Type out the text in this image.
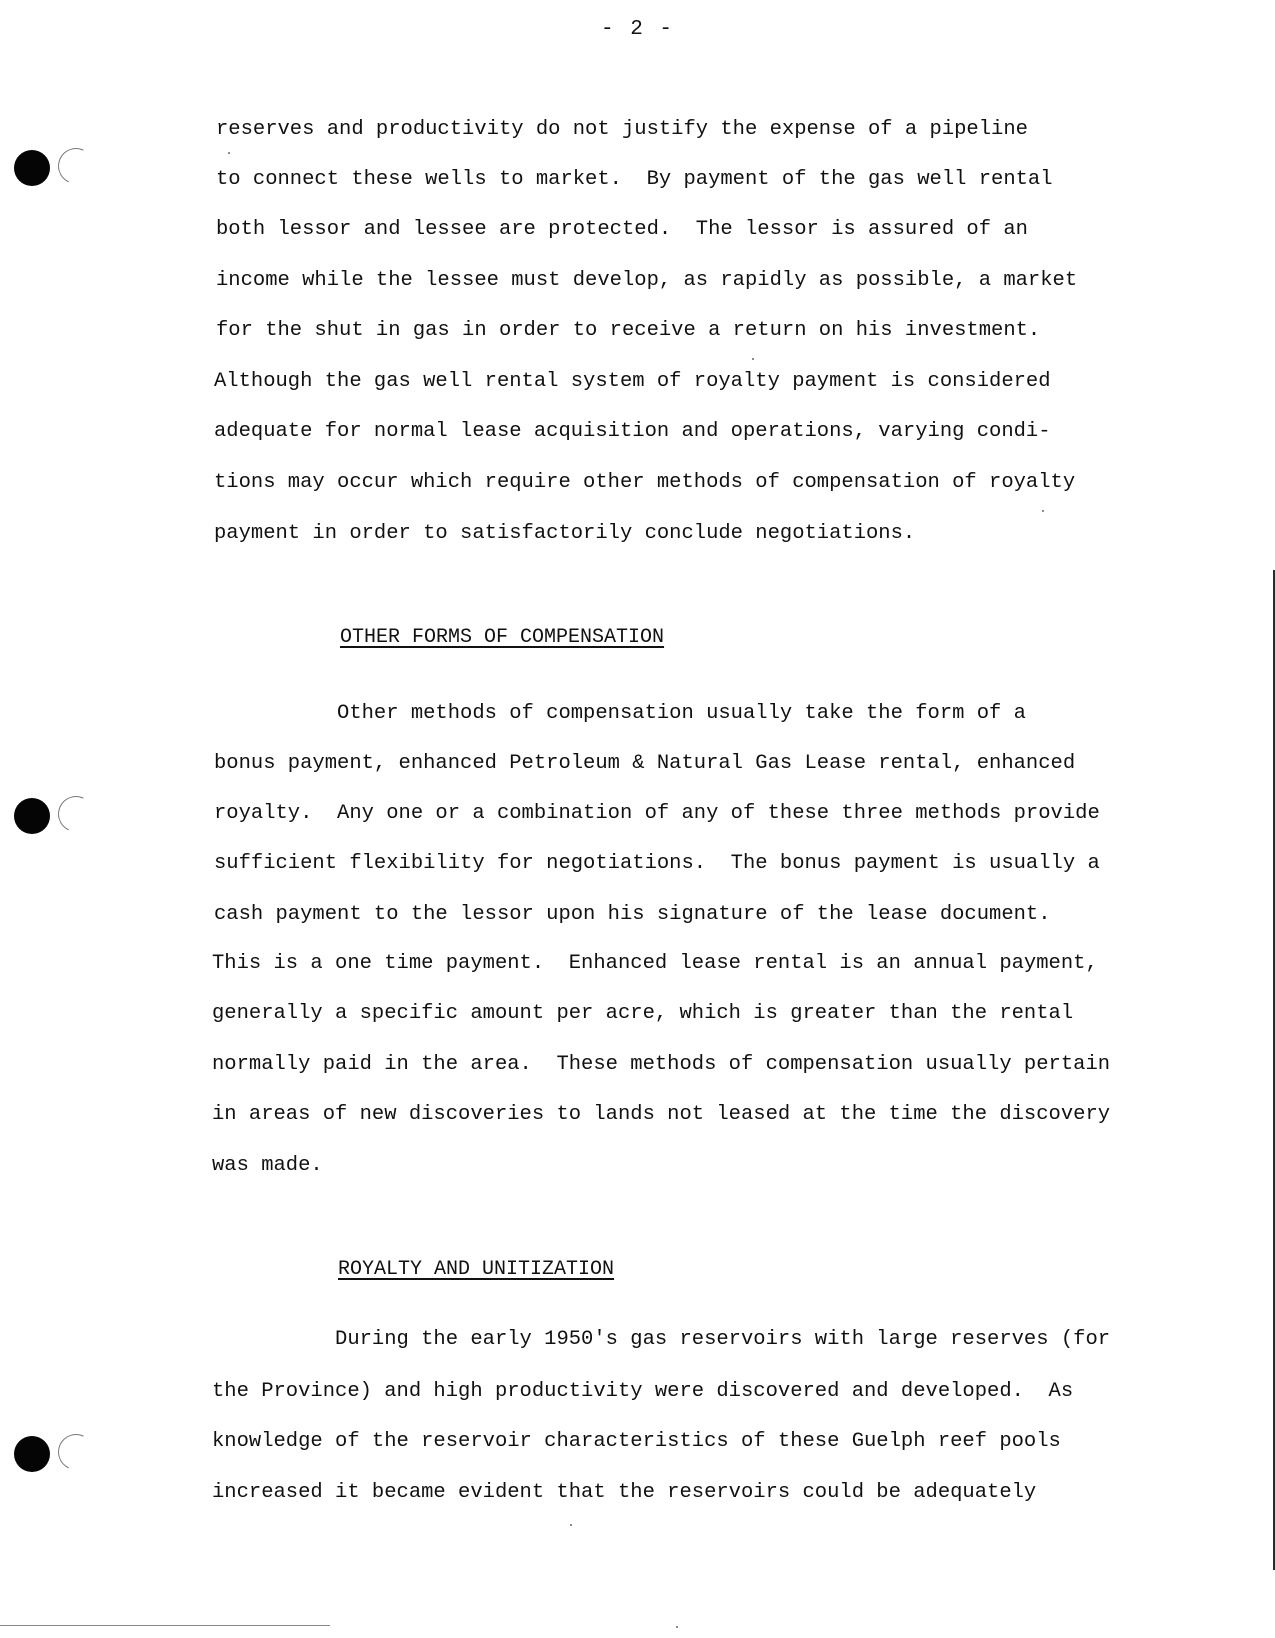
- 2 -
reserves and productivity do not justify the expense of a pipeline
to connect these wells to market.  By payment of the gas well rental
both lessor and lessee are protected.  The lessor is assured of an
income while the lessee must develop, as rapidly as possible, a market
for the shut in gas in order to receive a return on his investment.
Although the gas well rental system of royalty payment is considered
adequate for normal lease acquisition and operations, varying condi-
tions may occur which require other methods of compensation of royalty
payment in order to satisfactorily conclude negotiations.
OTHER FORMS OF COMPENSATION
Other methods of compensation usually take the form of a
bonus payment, enhanced Petroleum & Natural Gas Lease rental, enhanced
royalty.  Any one or a combination of any of these three methods provide
sufficient flexibility for negotiations.  The bonus payment is usually a
cash payment to the lessor upon his signature of the lease document.
This is a one time payment.  Enhanced lease rental is an annual payment,
generally a specific amount per acre, which is greater than the rental
normally paid in the area.  These methods of compensation usually pertain
in areas of new discoveries to lands not leased at the time the discovery
was made.
ROYALTY AND UNITIZATION
During the early 1950's gas reservoirs with large reserves (for
the Province) and high productivity were discovered and developed.  As
knowledge of the reservoir characteristics of these Guelph reef pools
increased it became evident that the reservoirs could be adequately
